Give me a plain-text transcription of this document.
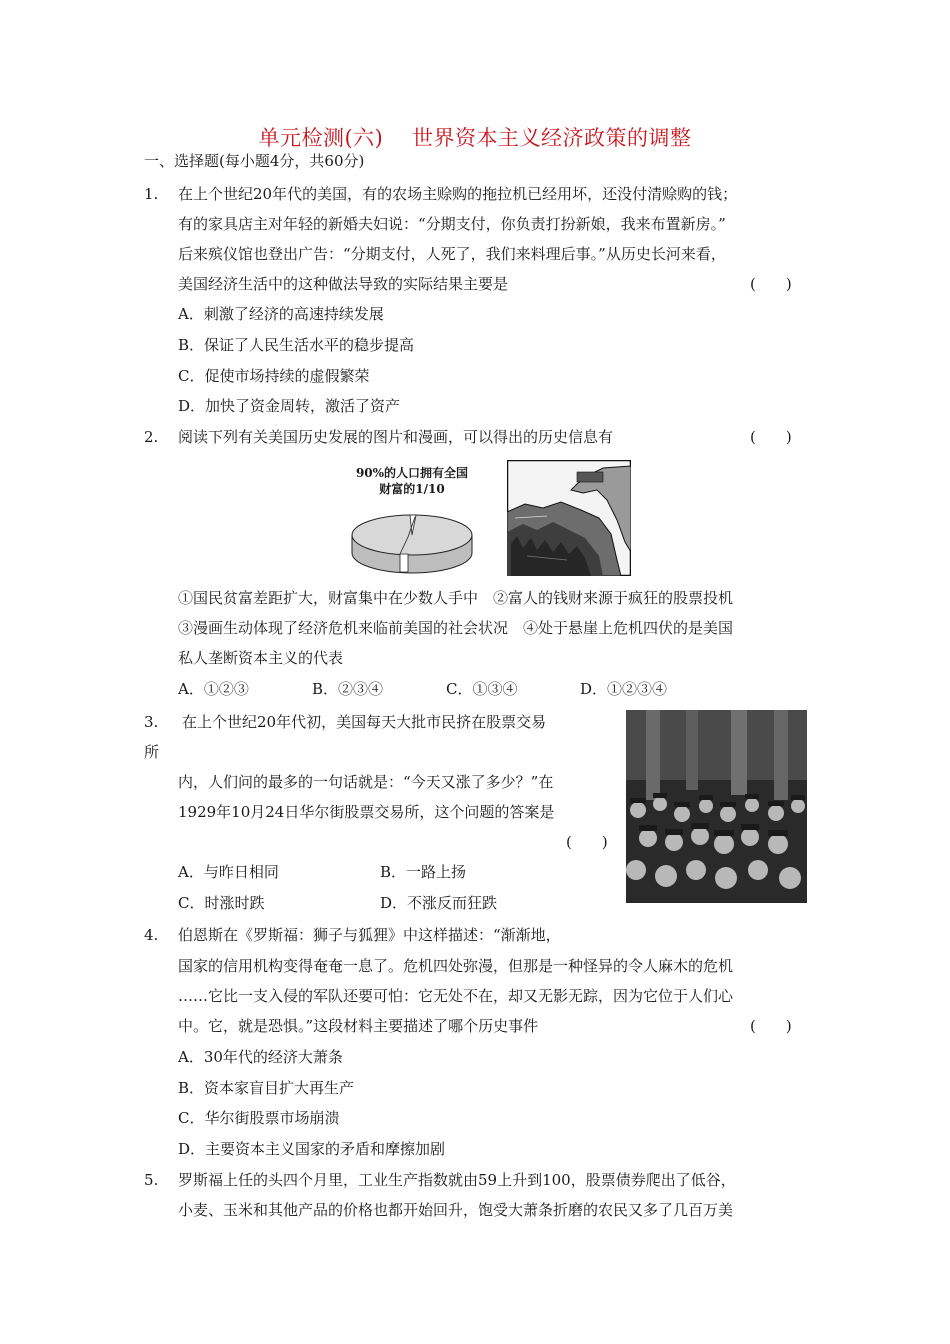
单元检测(六)　 世界资本主义经济政策的调整
一、选择题(每小题4分，共60分)
1. 在上个世纪20年代的美国，有的农场主赊购的拖拉机已经用坏，还没付清赊购的钱；
有的家具店主对年轻的新婚夫妇说：“分期支付，你负责打扮新娘，我来布置新房。”
后来殡仪馆也登出广告：“分期支付，人死了，我们来料理后事。”从历史长河来看，
美国经济生活中的这种做法导致的实际结果主要是	(　　)
A．刺激了经济的高速持续发展
B．保证了人民生活水平的稳步提高
C．促使市场持续的虚假繁荣
D．加快了资金周转，激活了资产
2. 阅读下列有关美国历史发展的图片和漫画，可以得出的历史信息有	(　　)
90%的人口拥有全国
财富的1/10
①国民贫富差距扩大，财富集中在少数人手中　②富人的钱财来源于疯狂的股票投机
③漫画生动体现了经济危机来临前美国的社会状况　④处于悬崖上危机四伏的是美国
私人垄断资本主义的代表
A．①②③	B．②③④	C．①③④	D．①②③④
3. 在上个世纪20年代初，美国每天大批市民挤在股票交易
所
内，人们问的最多的一句话就是：“今天又涨了多少？”在
1929年10月24日华尔街股票交易所，这个问题的答案是
(　　)
A．与昨日相同	B．一路上扬
C．时涨时跌	D．不涨反而狂跌
4. 伯恩斯在《罗斯福：狮子与狐狸》中这样描述：“渐渐地，
国家的信用机构变得奄奄一息了。危机四处弥漫，但那是一种怪异的令人麻木的危机
……它比一支入侵的军队还要可怕：它无处不在，却又无影无踪，因为它位于人们心
中。它，就是恐惧。”这段材料主要描述了哪个历史事件	(　　)
A．30年代的经济大萧条
B．资本家盲目扩大再生产
C．华尔街股票市场崩溃
D．主要资本主义国家的矛盾和摩擦加剧
5. 罗斯福上任的头四个月里，工业生产指数就由59上升到100，股票债券爬出了低谷，
小麦、玉米和其他产品的价格也都开始回升，饱受大萧条折磨的农民又多了几百万美
